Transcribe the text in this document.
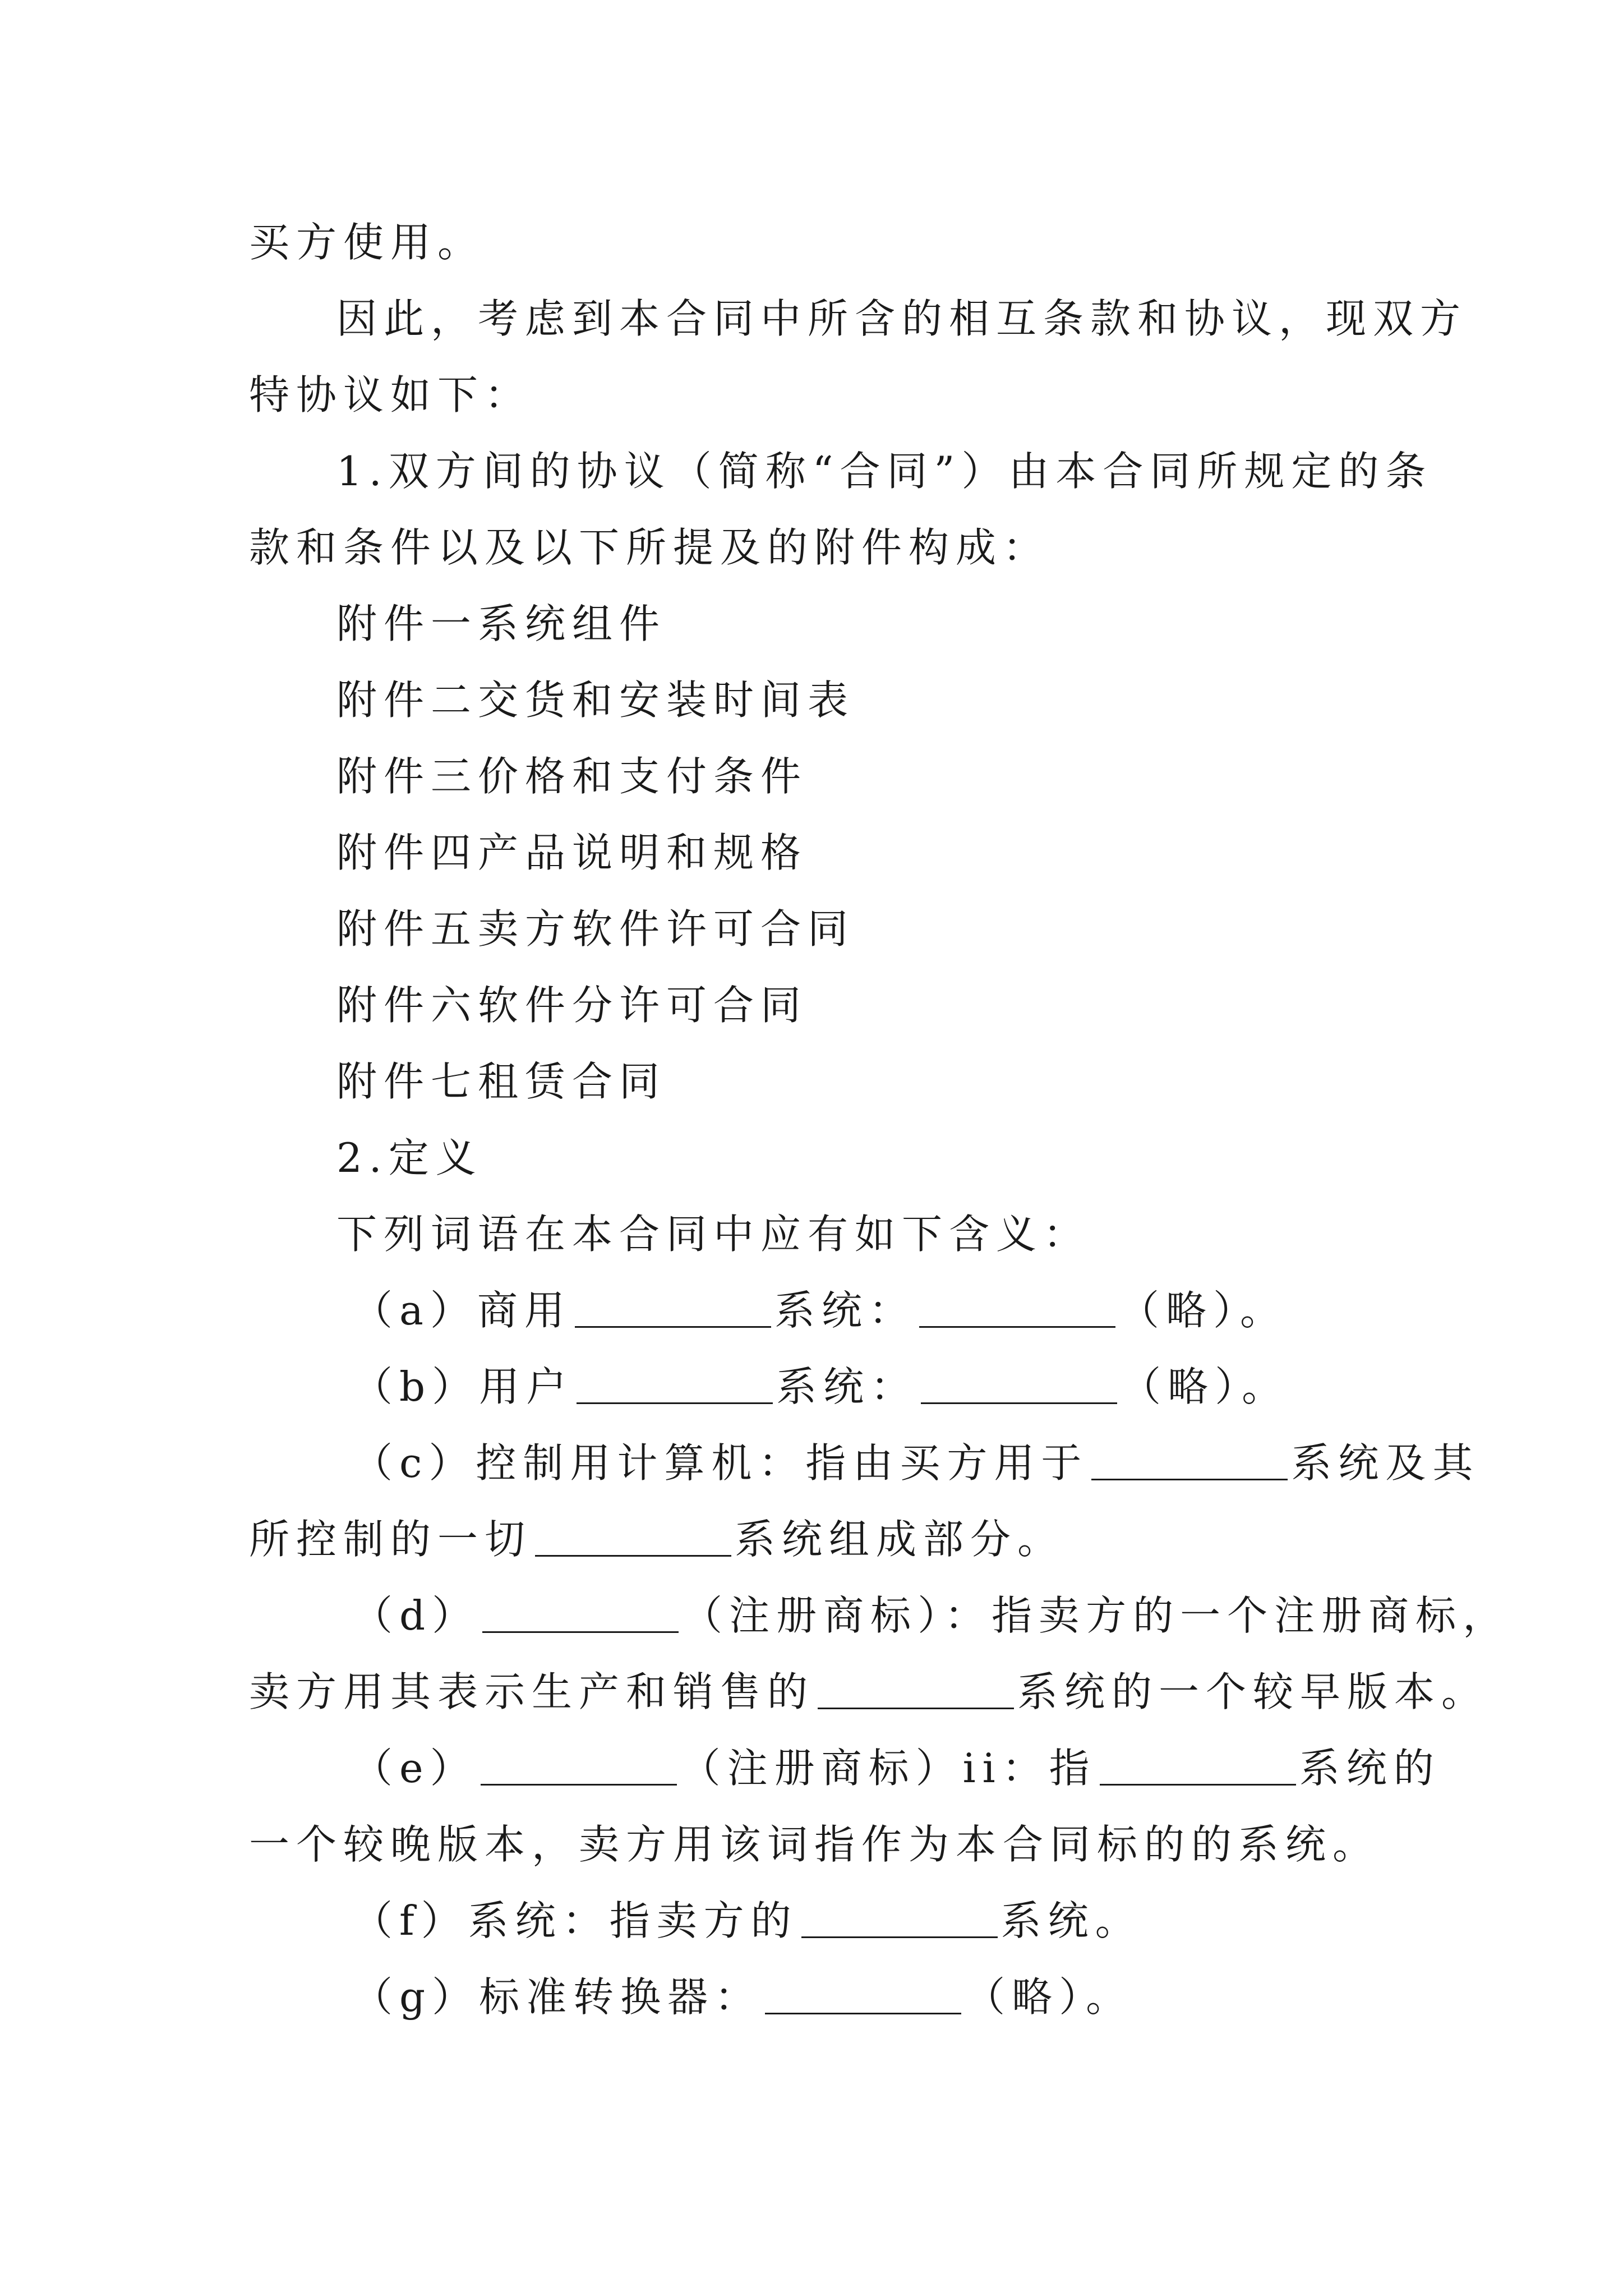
买方使用。
因此，考虑到本合同中所含的相互条款和协议，现双方
特协议如下：
1.双方间的协议（简称“合同”）由本合同所规定的条
款和条件以及以下所提及的附件构成：
附件一系统组件
附件二交货和安装时间表
附件三价格和支付条件
附件四产品说明和规格
附件五卖方软件许可合同
附件六软件分许可合同
附件七租赁合同
2.定义
下列词语在本合同中应有如下含义：
（a）商用	系统：	（略）。
（b）用户	系统：	（略）。
（c）控制用计算机：指由买方用于	系统及其
所控制的一切	系统组成部分。
（d）	（注册商标）：指卖方的一个注册商标，
卖方用其表示生产和销售的	系统的一个较早版本。
（e）	（注册商标）ii：指	系统的
一个较晚版本，卖方用该词指作为本合同标的的系统。
（f）系统：指卖方的	系统。
（g）标准转换器：	（略）。
